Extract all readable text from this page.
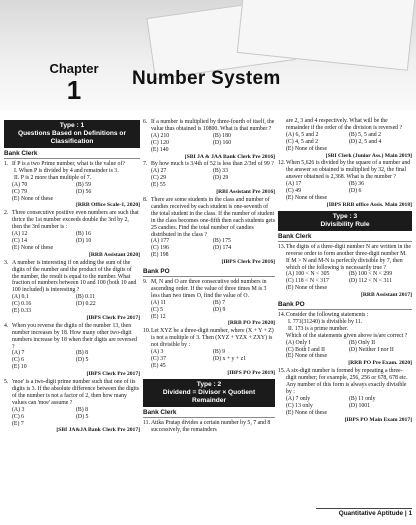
Chapter
1	Number System
Type : 1
Questions Based on Definitions or Classification
Bank Clerk
1. If P is a two Prime number, what is the value of?
I. When P is divided by 4 and remainder is 3.
II. P is 2 more than multiple of 7.
(A) 70	(B) 59
(C) 79	(D) 56
(E) None of these
[RRB Office Scale-1, 2020]
2. Three consecutive positive even numbers are such that thrice the 1st number exceeds double the 3rd by 2, then the 3rd number is :
(A) 12	(B) 16
(C) 14	(D) 10
(E) None of these
[RRB Assistant 2020]
3. A number is interesting if on adding the sum of the digits of the number and the product of the digits of the number, the result is equal to the number. What fraction of numbers between 10 and 100 (both 10 and 100 included) is interesting ?
(A) 0.1	(B) 0.11
(C) 0.16	(D) 0.22
(E) 0.33
[IBPS Clerk Pre 2017]
4. When you reverse the digits of the number 13, then number increases by 18. How many other two-digit numbers increase by 18 when their digits are reversed ?
(A) 7	(B) 8
(C) 6	(D) 5
(E) 10
[IBPS Clerk Pre 2017]
5. 'moe' is a two-digit prime number such that one of its digits is 3. If the absolute difference between the digits of the number is not a factor of 2, then how many values can 'moe' assume ?
(A) 3	(B) 8
(C) 6	(D) 5
(E) 7
[SBI JA&JA Bank Clerk Pre 2017]
6. If a number is multiplied by three-fourth of itself, the value thus obtained is 10800. What is that number ?
(A) 210	(B) 180
(C) 120	(D) 160
(E) 140
[SBI JA & JAA Bank Clerk Pre 2016]
7. By how much is 3/4th of 52 is less than 2/3rd of 99 ?
(A) 27	(B) 33
(C) 29	(D) 29
(E) 55
[RBI Assistant Pre 2016]
8. There are some students in the class and number of candies received by each student is one-seventh of the total student in the class. If the number of student in the class becomes one-fifth then each students gets 25 candies. Find the total number of candies distributed in the class ?
(A) 177	(B) 175
(C) 196	(D) 174
(E) 198
[IBPS Clerk Pre 2016]
Bank PO
9. M, N and O are three consecutive odd numbers in ascending order. If the value of three times M is 3 less than two times O, find the value of O.
(A) 11	(B) 7
(C) 5	(D) 9
(E) 12
[RRB PO Pre 2020]
10. Let XYZ be a three-digit number, where (X + Y + Z) is not a multiple of 3. Then (XYZ + YZX + ZXY) is not divisible by :
(A) 3	(B) 9
(C) 37	(D) x + y + z1
(E) 45
[IBPS PO Pre 2019]
Type : 2
Dividend = Divisor × Quotient Remainder
Bank Clerk
11. Atika Pratap divides a certain number by 5, 7 and 8 successively, the remainders
are 2, 3 and 4 respectively. What will be the remainder if the order of the division is reversed ?
(A) 6, 5 and 2	(B) 5, 5 and 2
(C) 4, 5 and 2	(D) 2, 5 and 4
(E) None of these
[SBI Clerk (Junior Ass.) Main 2019]
12. When 5,626 is divided by the square of a number and the answer so obtained is multiplied by 32, the final answer obtained is 2,368. What is the number ?
(A) 17	(B) 36
(C) 49	(D) 6
(E) None of these
[IBPS RRB office Assis. Main 2018]
Type : 3
Divisibility Rule
Bank Clerk
13. The digits of a three-digit number N are written in the reverse order to form another three-digit number M. If M > N and M-N is perfectly divisible by 7, then which of the following is necessarily true ?
(A) 100 < N < 305	(B) 100 < N < 299
(C) 118 < N < 317	(D) 112 < N < 311
(E) None of these
[RRB Assistant 2017]
Bank PO
14. Consider the following statements :
I. 771(31240) is divisible by 11.
II. 173 is a prime number.
Which of the statements given above is/are correct ?
(A) Only I	(B) Only II
(C) Both I and II	(D) Neither I nor II
(E) None of these
[RRB PO Pre Exam. 2020]
15. A six-digit number is formed by repeating a three-digit number; for example, 256, 256 or 678, 678 etc. Any number of this form is always exactly divisible by :
(A) 7 only	(B) 11 only
(C) 13 only	(D) 1001
(E) None of these
[IBPS PO Main Exam 2017]
Quantitative Aptitude | 1
